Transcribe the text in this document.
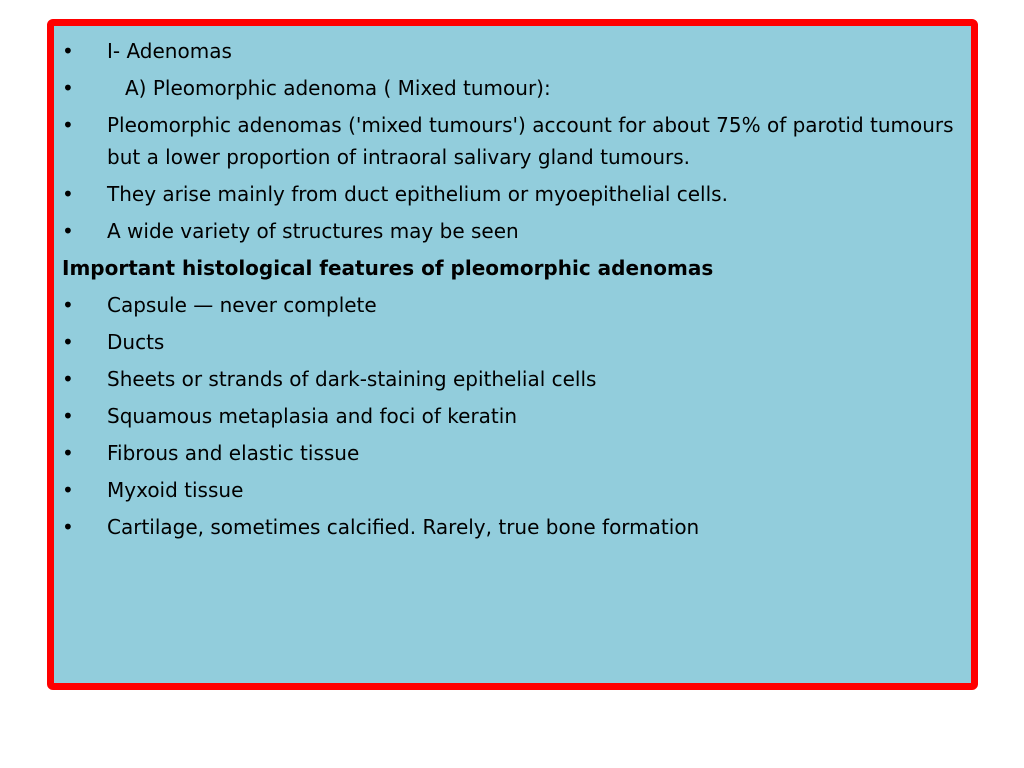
• I- Adenomas
•	A) Pleomorphic adenoma ( Mixed tumour):
• Pleomorphic adenomas ('mixed tumours') account for about 75% of parotid tumours but a lower proportion of intraoral salivary gland tumours.
• They arise mainly from duct epithelium or myoepithelial cells.
• A wide variety of structures may be seen
Important histological features of pleomorphic adenomas
• Capsule — never complete
• Ducts
• Sheets or strands of dark-staining epithelial cells
• Squamous metaplasia and foci of keratin
• Fibrous and elastic tissue
• Myxoid tissue
• Cartilage, sometimes calcified. Rarely, true bone formation
